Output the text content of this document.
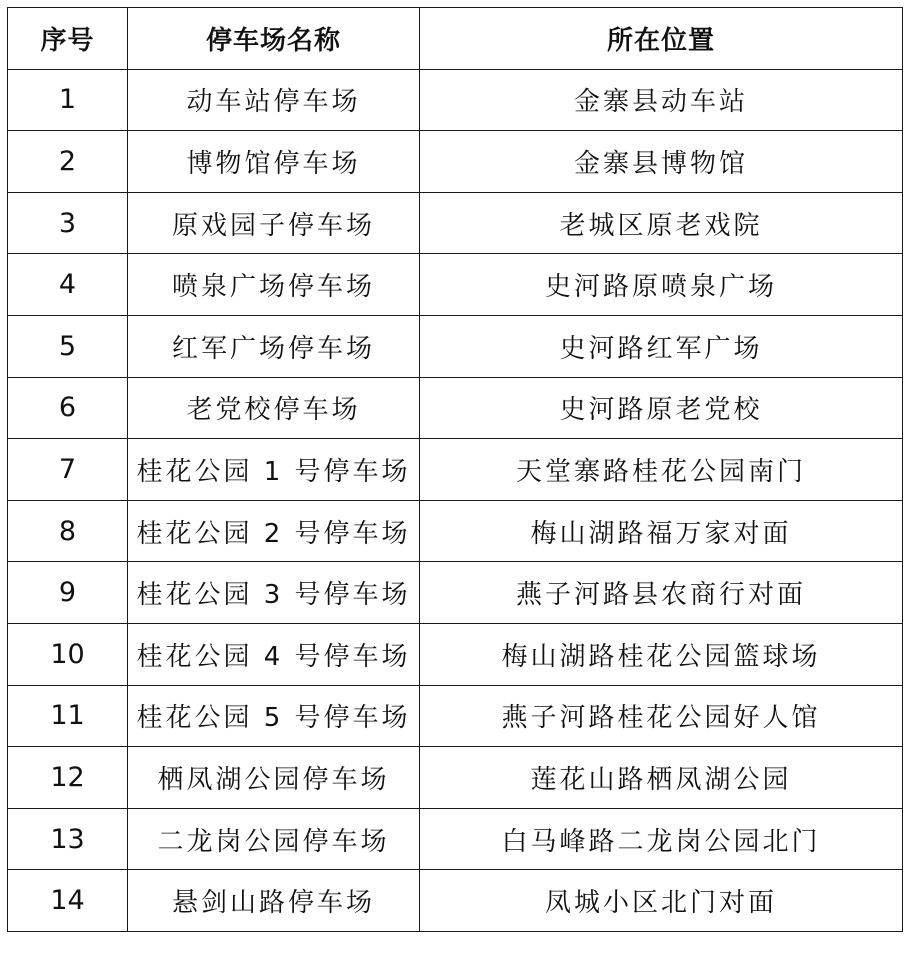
序号	停车场名称	所在位置
1	动车站停车场	金寨县动车站
2	博物馆停车场	金寨县博物馆
3	原戏园子停车场	老城区原老戏院
4	喷泉广场停车场	史河路原喷泉广场
5	红军广场停车场	史河路红军广场
6	老党校停车场	史河路原老党校
7	桂花公园 1 号停车场	天堂寨路桂花公园南门
8	桂花公园 2 号停车场	梅山湖路福万家对面
9	桂花公园 3 号停车场	燕子河路县农商行对面
10	桂花公园 4 号停车场	梅山湖路桂花公园篮球场
11	桂花公园 5 号停车场	燕子河路桂花公园好人馆
12	栖凤湖公园停车场	莲花山路栖凤湖公园
13	二龙岗公园停车场	白马峰路二龙岗公园北门
14	悬剑山路停车场	凤城小区北门对面
